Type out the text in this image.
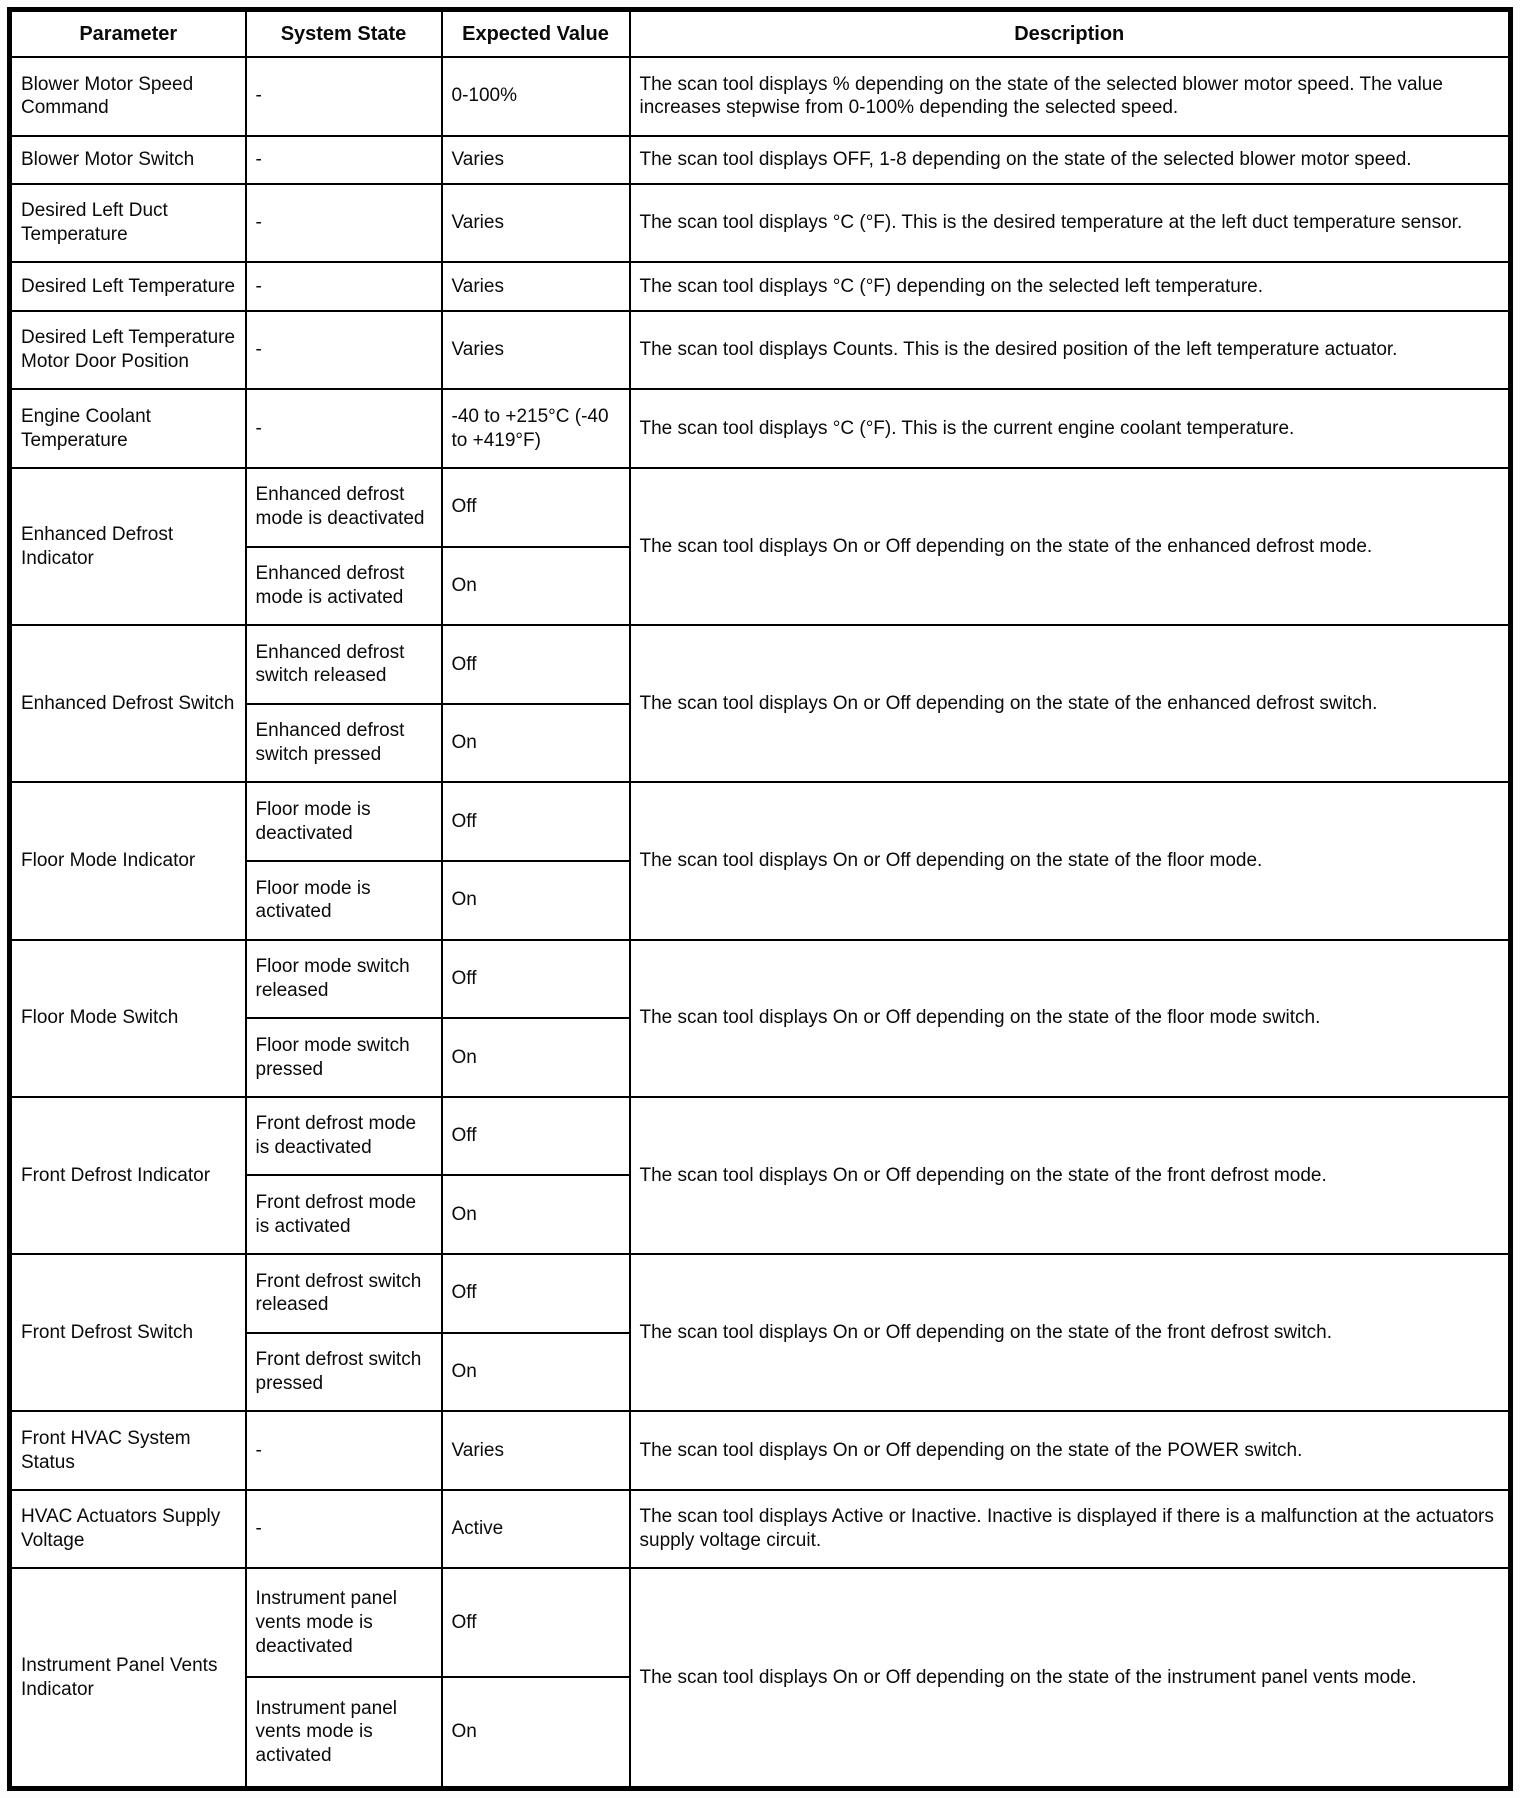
Parameter	System State	Expected Value	Description
Blower Motor Speed Command	-	0-100%	The scan tool displays % depending on the state of the selected blower motor speed. The value increases stepwise from 0-100% depending the selected speed.
Blower Motor Switch	-	Varies	The scan tool displays OFF, 1-8 depending on the state of the selected blower motor speed.
Desired Left Duct Temperature	-	Varies	The scan tool displays °C (°F). This is the desired temperature at the left duct temperature sensor.
Desired Left Temperature	-	Varies	The scan tool displays °C (°F) depending on the selected left temperature.
Desired Left Temperature Motor Door Position	-	Varies	The scan tool displays Counts. This is the desired position of the left temperature actuator.
Engine Coolant Temperature	-	-40 to +215°C (-40 to +419°F)	The scan tool displays °C (°F). This is the current engine coolant temperature.
Enhanced Defrost Indicator	Enhanced defrost mode is deactivated	Off	The scan tool displays On or Off depending on the state of the enhanced defrost mode.
	Enhanced defrost mode is activated	On	
Enhanced Defrost Switch	Enhanced defrost switch released	Off	The scan tool displays On or Off depending on the state of the enhanced defrost switch.
	Enhanced defrost switch pressed	On	
Floor Mode Indicator	Floor mode is deactivated	Off	The scan tool displays On or Off depending on the state of the floor mode.
	Floor mode is activated	On	
Floor Mode Switch	Floor mode switch released	Off	The scan tool displays On or Off depending on the state of the floor mode switch.
	Floor mode switch pressed	On	
Front Defrost Indicator	Front defrost mode is deactivated	Off	The scan tool displays On or Off depending on the state of the front defrost mode.
	Front defrost mode is activated	On	
Front Defrost Switch	Front defrost switch released	Off	The scan tool displays On or Off depending on the state of the front defrost switch.
	Front defrost switch pressed	On	
Front HVAC System Status	-	Varies	The scan tool displays On or Off depending on the state of the POWER switch.
HVAC Actuators Supply Voltage	-	Active	The scan tool displays Active or Inactive. Inactive is displayed if there is a malfunction at the actuators supply voltage circuit.
Instrument Panel Vents Indicator	Instrument panel vents mode is deactivated	Off	The scan tool displays On or Off depending on the state of the instrument panel vents mode.
	Instrument panel vents mode is activated	On	
